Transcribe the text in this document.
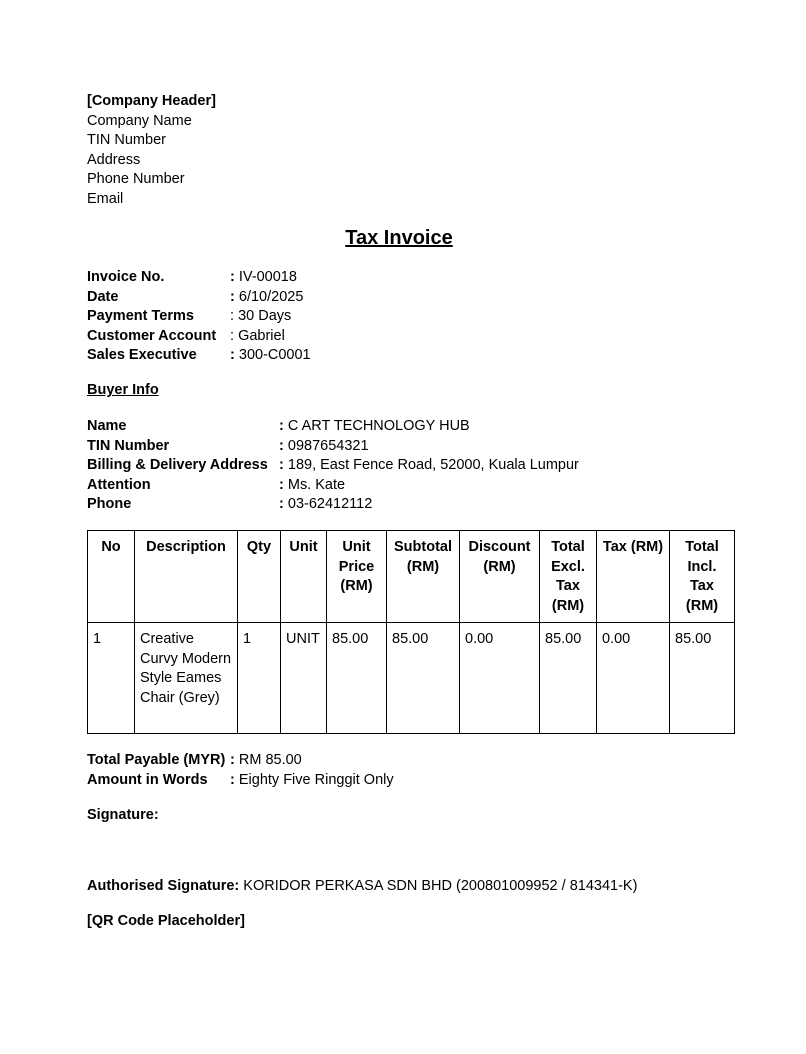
[Company Header]
Company Name
TIN Number
Address
Phone Number
Email
Tax Invoice
Invoice No.	: IV-00018
Date	: 6/10/2025
Payment Terms : 30 Days
Customer Account : Gabriel
Sales Executive : 300-C0001
Buyer Info
Name	: C ART TECHNOLOGY HUB
TIN Number	: 0987654321
Billing & Delivery Address : 189, East Fence Road, 52000, Kuala Lumpur
Attention	: Ms. Kate
Phone	: 03-62412112
No	Description	Qty	Unit	Unit Price (RM)	Subtotal (RM)	Discount (RM)	Total Excl. Tax (RM)	Tax (RM)	Total Incl. Tax (RM)
1	Creative Curvy Modern Style Eames Chair (Grey)	1	UNIT	85.00	85.00	0.00	85.00	0.00	85.00
Total Payable (MYR) : RM 85.00
Amount in Words : Eighty Five Ringgit Only
Signature:
Authorised Signature: KORIDOR PERKASA SDN BHD (200801009952 / 814341-K)
[QR Code Placeholder]
